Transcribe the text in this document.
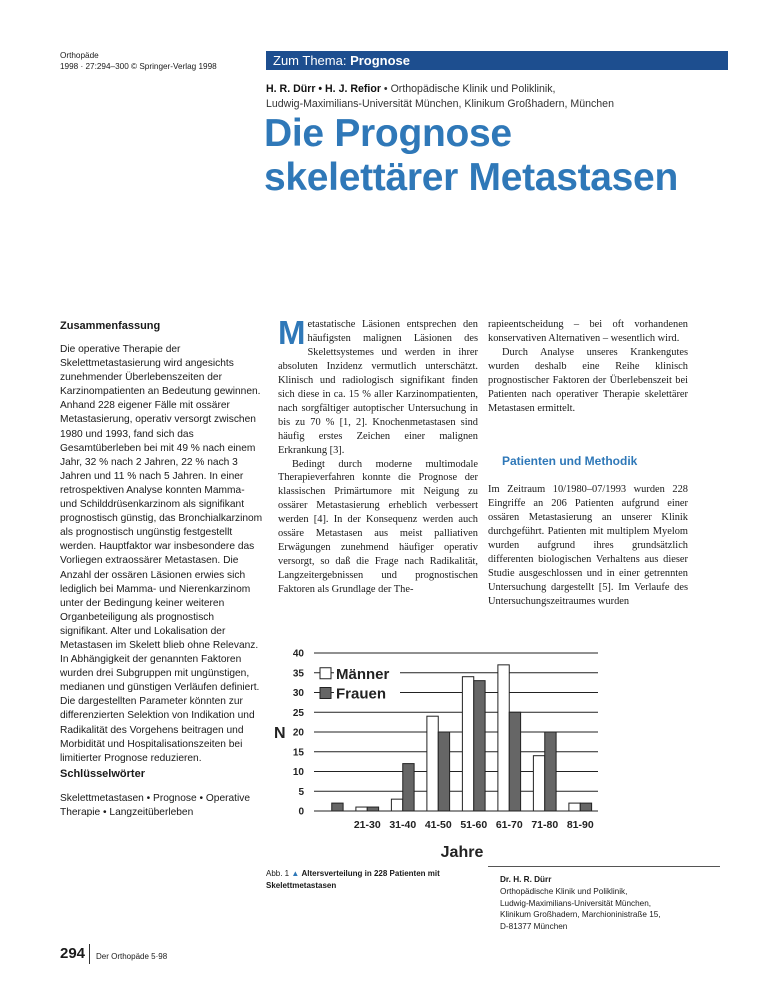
Orthopäde
1998 · 27:294–300 © Springer-Verlag 1998	Zum Thema: Prognose
H. R. Dürr • H. J. Refior • Orthopädische Klinik und Poliklinik,
Ludwig-Maximilians-Universität München, Klinikum Großhadern, München
Die Prognose
skelettärer Metastasen
Zusammenfassung
Die operative Therapie der Skelettmetastasierung wird angesichts zunehmender Überlebenszeiten der Karzinompatienten an Bedeutung gewinnen. Anhand 228 eigener Fälle mit ossärer Metastasierung, operativ versorgt zwischen 1980 und 1993, fand sich das Gesamtüberleben bei mit 49 % nach einem Jahr, 32 % nach 2 Jahren, 22 % nach 3 Jahren und 11 % nach 5 Jahren. In einer retrospektiven Analyse konnten Mamma- und Schilddrüsenkarzinom als signifikant prognostisch günstig, das Bronchialkarzinom als prognostisch ungünstig festgestellt werden. Hauptfaktor war insbesondere das Vorliegen extraossärer Metastasen. Die Anzahl der ossären Läsionen erwies sich lediglich bei Mamma- und Nierenkarzinom unter der Bedingung keiner weiteren Organbeteiligung als prognostisch signifikant. Alter und Lokalisation der Metastasen im Skelett blieb ohne Relevanz. In Abhängigkeit der genannten Faktoren wurden drei Subgruppen mit ungünstigen, medianen und günstigen Verläufen definiert. Die dargestellten Parameter könnten zur differenzierten Selektion von Indikation und Radikalität des Vorgehens beitragen und Morbidität und Hospitalisationszeiten bei limitierter Prognose reduzieren.
Schlüsselwörter
Skelettmetastasen • Prognose • Operative Therapie • Langzeitüberleben
M etastatische Läsionen entsprechen den häufigsten malignen Läsionen des Skelettsystemes und werden in ihrer absoluten Inzidenz vermutlich unterschätzt. Klinisch und radiologisch signifikant finden sich diese in ca. 15 % aller Karzinompatienten, nach sorgfältiger autoptischer Untersuchung in bis zu 70 % [1, 2]. Knochenmetastasen sind häufig erstes Zeichen einer malignen Erkrankung [3].

Bedingt durch moderne multimodale Therapieverfahren konnte die Prognose der klassischen Primärtumore mit Neigung zu ossärer Metastasierung erheblich verbessert werden [4]. In der Konsequenz werden auch ossäre Metastasen aus meist palliativen Erwägungen zunehmend häufiger operativ versorgt, so daß die Frage nach Radikalität, Langzeitergebnissen und prognostischen Faktoren als Grundlage der The-

rapieentscheidung – bei oft vorhandenen konservativen Alternativen – wesentlich wird.

Durch Analyse unseres Krankengutes wurden deshalb eine Reihe klinisch prognostischer Faktoren der Überlebenszeit bei Patienten nach operativer Therapie skelettärer Metastasen ermittelt.

Patienten und Methodik

Im Zeitraum 10/1980–07/1993 wurden 228 Eingriffe an 206 Patienten aufgrund einer ossären Metastasierung an unserer Klinik durchgeführt. Patienten mit multiplem Myelom wurden aufgrund ihres grundsätzlich differenten biologischen Verhaltens aus dieser Studie ausgeschlossen und in einer getrennten Untersuchung dargestellt [5]. Im Verlaufe des Untersuchungszeitraumes wurden

0
5
10
15
20
25
30
35
40
N
21-30 31-40 41-50 51-60 61-70 71-80 81-90
Jahre
Männer
Frauen
Abb. 1 ▲ Altersverteilung in 228 Patienten mit Skelettmetastasen
Dr. H. R. Dürr
Orthopädische Klinik und Poliklinik,
Ludwig-Maximilians-Universität München,
Klinikum Großhadern, Marchioninistraße 15,
D-81377 München
294 Der Orthopäde 5·98
